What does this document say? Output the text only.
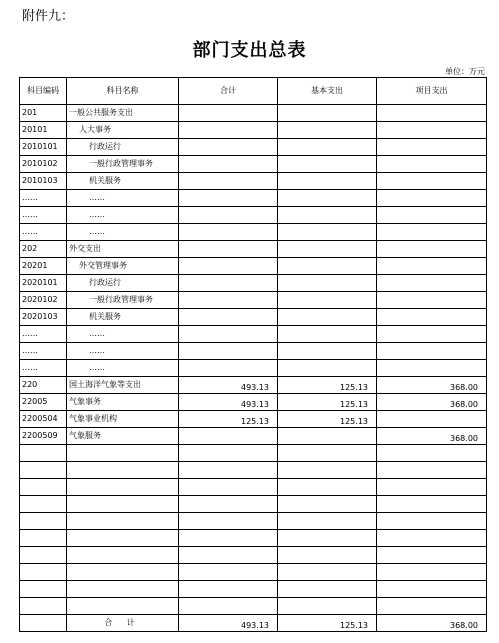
附件九：
部门支出总表
单位：万元
科目编码	科目名称	合计	基本支出	项目支出
201	一般公共服务支出			
20101	人大事务			
2010101	行政运行			
2010102	一般行政管理事务			
2010103	机关服务			
……	……			
……	……			
……	……			
202	外交支出			
20201	外交管理事务			
2020101	行政运行			
2020102	一般行政管理事务			
2020103	机关服务			
……	……			
……	……			
……	……			
220	国土海洋气象等支出	493.13	125.13	368.00
22005	气象事务	493.13	125.13	368.00
2200504	气象事业机构	125.13	125.13	
2200509	气象服务			368.00

	合 计	493.13	125.13	368.00
